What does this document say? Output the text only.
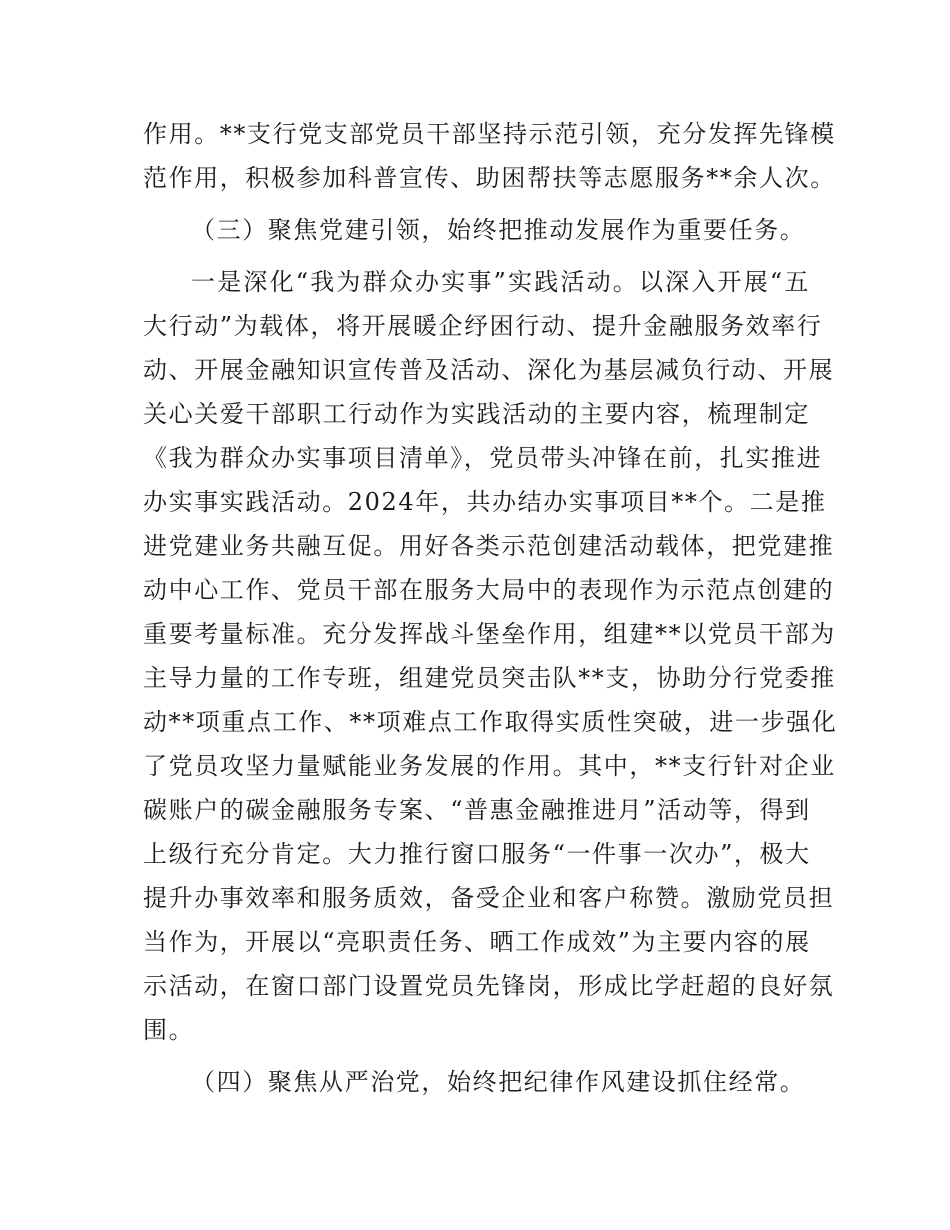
作用。**支行党支部党员干部坚持示范引领，充分发挥先锋模
范作用，积极参加科普宣传、助困帮扶等志愿服务**余人次。
（三）聚焦党建引领，始终把推动发展作为重要任务。
一是深化“我为群众办实事”实践活动。以深入开展“五
大行动”为载体，将开展暖企纾困行动、提升金融服务效率行
动、开展金融知识宣传普及活动、深化为基层减负行动、开展
关心关爱干部职工行动作为实践活动的主要内容，梳理制定
《我为群众办实事项目清单》，党员带头冲锋在前，扎实推进
办实事实践活动。2024年，共办结办实事项目**个。二是推
进党建业务共融互促。用好各类示范创建活动载体，把党建推
动中心工作、党员干部在服务大局中的表现作为示范点创建的
重要考量标准。充分发挥战斗堡垒作用，组建**以党员干部为
主导力量的工作专班，组建党员突击队**支，协助分行党委推
动**项重点工作、**项难点工作取得实质性突破，进一步强化
了党员攻坚力量赋能业务发展的作用。其中，**支行针对企业
碳账户的碳金融服务专案、“普惠金融推进月”活动等，得到
上级行充分肯定。大力推行窗口服务“一件事一次办”，极大
提升办事效率和服务质效，备受企业和客户称赞。激励党员担
当作为，开展以“亮职责任务、晒工作成效”为主要内容的展
示活动，在窗口部门设置党员先锋岗，形成比学赶超的良好氛
围。
（四）聚焦从严治党，始终把纪律作风建设抓住经常。
